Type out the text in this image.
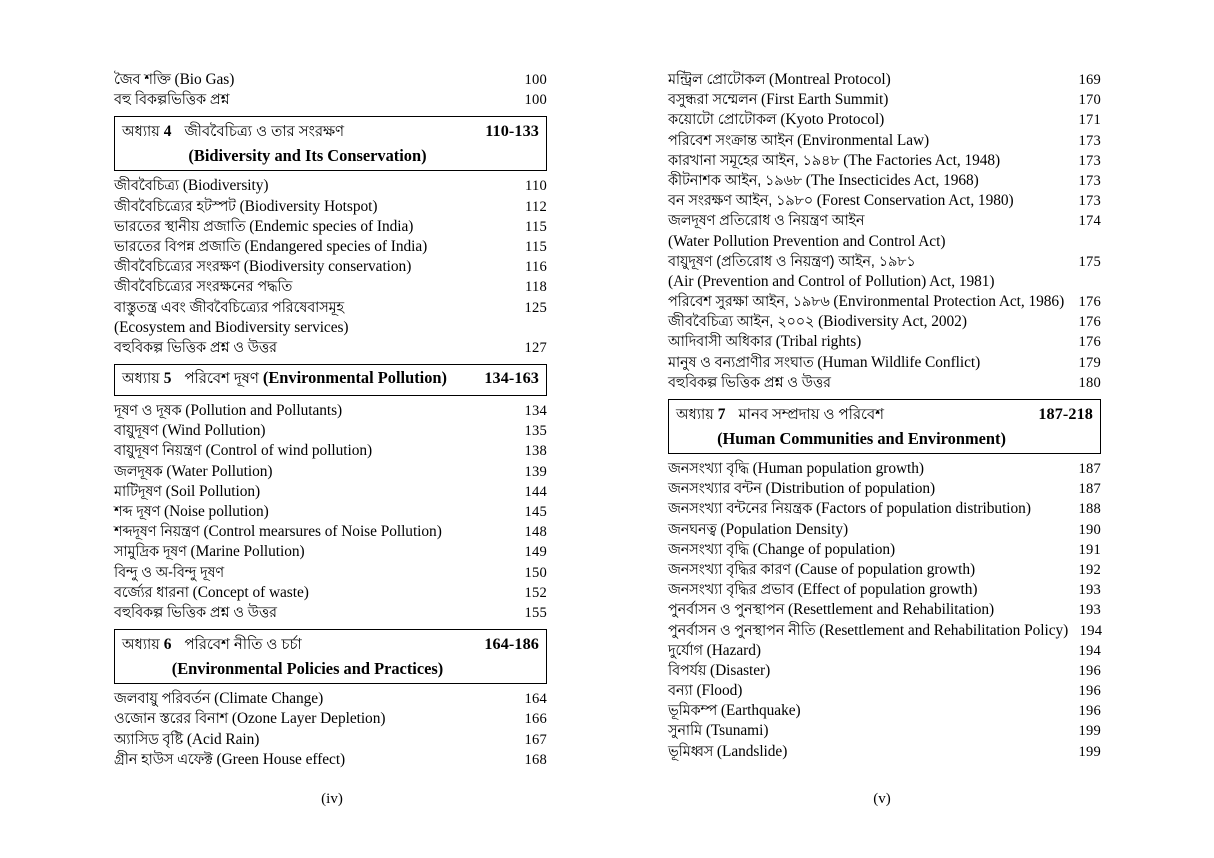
জৈব শক্তি (Bio Gas)	100
বহু বিকল্পভিত্তিক প্রশ্ন	100
অধ্যায় 4 জীববৈচিত্র্য ও তার সংরক্ষণ	110-133
(Bidiversity and Its Conservation)
জীববৈচিত্র্য (Biodiversity)	110
জীববৈচিত্র্যের হটস্পট (Biodiversity Hotspot)	112
ভারতের স্থানীয় প্রজাতি (Endemic species of India)	115
ভারতের বিপন্ন প্রজাতি (Endangered species of India)	115
জীববৈচিত্র্যের সংরক্ষণ (Biodiversity conservation)	116
জীববৈচিত্র্যের সংরক্ষনের পদ্ধতি	118
বাস্তুতন্ত্র এবং জীববৈচিত্র্যের পরিষেবাসমূহ	125
(Ecosystem and Biodiversity services)
বহুবিকল্প ভিত্তিক প্রশ্ন ও উত্তর	127
অধ্যায় 5 পরিবেশ দূষণ (Environmental Pollution)	134-163
দূষণ ও দূষক (Pollution and Pollutants)	134
বায়ুদূষণ (Wind Pollution)	135
বায়ুদূষণ নিয়ন্ত্রণ (Control of wind pollution)	138
জলদূষক (Water Pollution)	139
মাটিদূষণ (Soil Pollution)	144
শব্দ দূষণ (Noise pollution)	145
শব্দদূষণ নিয়ন্ত্রণ (Control mearsures of Noise Pollution)	148
সামুদ্রিক দূষণ (Marine Pollution)	149
বিন্দু ও অ-বিন্দু দূষণ	150
বর্জ্যের ধারনা (Concept of waste)	152
বহুবিকল্প ভিত্তিক প্রশ্ন ও উত্তর	155
অধ্যায় 6 পরিবেশ নীতি ও চর্চা	164-186
(Environmental Policies and Practices)
জলবায়ু পরিবর্তন (Climate Change)	164
ওজোন স্তরের বিনাশ (Ozone Layer Depletion)	166
অ্যাসিড বৃষ্টি (Acid Rain)	167
গ্রীন হাউস এফেক্ট (Green House effect)	168
মন্ট্রিল প্রোটোকল (Montreal Protocol)	169
বসুন্ধরা সম্মেলন (First Earth Summit)	170
কয়োটো প্রোটোকল (Kyoto Protocol)	171
পরিবেশ সংক্রান্ত আইন (Environmental Law)	173
কারখানা সমূহের আইন, ১৯৪৮ (The Factories Act, 1948)	173
কীটনাশক আইন, ১৯৬৮ (The Insecticides Act, 1968)	173
বন সংরক্ষণ আইন, ১৯৮০ (Forest Conservation Act, 1980)	173
জলদূষণ প্রতিরোধ ও নিয়ন্ত্রণ আইন	174
(Water Pollution Prevention and Control Act)
বায়ুদূষণ (প্রতিরোধ ও নিয়ন্ত্রণ) আইন, ১৯৮১	175
(Air (Prevention and Control of Pollution) Act, 1981)
পরিবেশ সুরক্ষা আইন, ১৯৮৬ (Environmental Protection Act, 1986) 176
জীববৈচিত্র্য আইন, ২০০২ (Biodiversity Act, 2002)	176
আদিবাসী অধিকার (Tribal rights)	176
মানুষ ও বন্যপ্রাণীর সংঘাত (Human Wildlife Conflict)	179
বহুবিকল্প ভিত্তিক প্রশ্ন ও উত্তর	180
অধ্যায় 7 মানব সম্প্রদায় ও পরিবেশ	187-218
(Human Communities and Environment)
জনসংখ্যা বৃদ্ধি (Human population growth)	187
জনসংখ্যার বন্টন (Distribution of population)	187
জনসংখ্যা বন্টনের নিয়ন্ত্রক (Factors of population distribution)	188
জনঘনত্ব (Population Density)	190
জনসংখ্যা বৃদ্ধি (Change of population)	191
জনসংখ্যা বৃদ্ধির কারণ (Cause of population growth)	192
জনসংখ্যা বৃদ্ধির প্রভাব (Effect of population growth)	193
পুনর্বাসন ও পুনস্থাপন (Resettlement and Rehabilitation)	193
পুনর্বাসন ও পুনস্থাপন নীতি (Resettlement and Rehabilitation Policy) 194
দুর্যোগ (Hazard)	194
বিপর্যয় (Disaster)	196
বন্যা (Flood)	196
ভূমিকম্প (Earthquake)	196
সুনামি (Tsunami)	199
ভূমিধ্বস (Landslide)	199
(iv)	(v)
